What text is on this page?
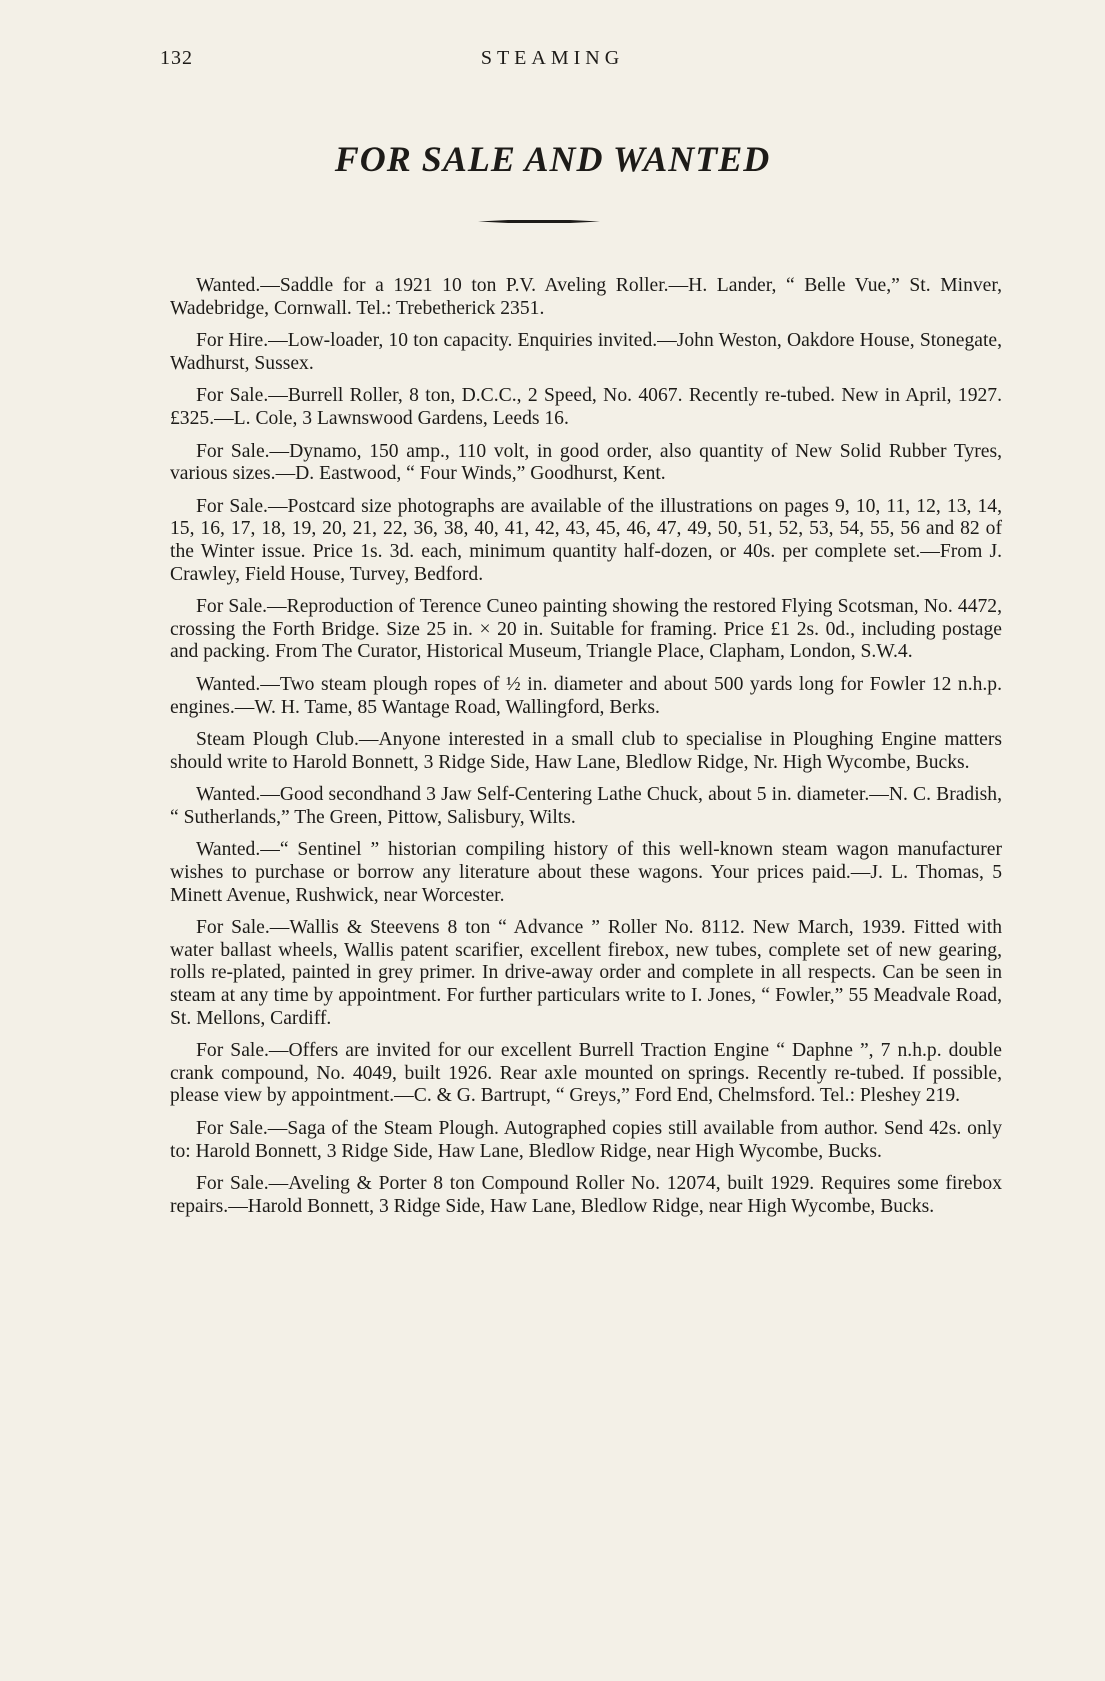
132	STEAMING
FOR SALE AND WANTED

Wanted.—Saddle for a 1921 10 ton P.V. Aveling Roller.—H. Lander, “ Belle Vue,” St. Minver, Wadebridge, Cornwall. Tel.: Trebetherick 2351.

For Hire.—Low-loader, 10 ton capacity. Enquiries invited.—John Weston, Oakdore House, Stonegate, Wadhurst, Sussex.

For Sale.—Burrell Roller, 8 ton, D.C.C., 2 Speed, No. 4067. Recently re-tubed. New in April, 1927. £325.—L. Cole, 3 Lawnswood Gardens, Leeds 16.

For Sale.—Dynamo, 150 amp., 110 volt, in good order, also quantity of New Solid Rubber Tyres, various sizes.—D. Eastwood, “ Four Winds,” Goodhurst, Kent.

For Sale.—Postcard size photographs are available of the illustrations on pages 9, 10, 11, 12, 13, 14, 15, 16, 17, 18, 19, 20, 21, 22, 36, 38, 40, 41, 42, 43, 45, 46, 47, 49, 50, 51, 52, 53, 54, 55, 56 and 82 of the Winter issue. Price 1s. 3d. each, minimum quantity half-dozen, or 40s. per complete set.—From J. Crawley, Field House, Turvey, Bedford.

For Sale.—Reproduction of Terence Cuneo painting showing the restored Flying Scotsman, No. 4472, crossing the Forth Bridge. Size 25 in. × 20 in. Suitable for framing. Price £1 2s. 0d., including postage and packing. From The Curator, Historical Museum, Triangle Place, Clapham, London, S.W.4.

Wanted.—Two steam plough ropes of ½ in. diameter and about 500 yards long for Fowler 12 n.h.p. engines.—W. H. Tame, 85 Wantage Road, Wallingford, Berks.

Steam Plough Club.—Anyone interested in a small club to specialise in Ploughing Engine matters should write to Harold Bonnett, 3 Ridge Side, Haw Lane, Bledlow Ridge, Nr. High Wycombe, Bucks.

Wanted.—Good secondhand 3 Jaw Self-Centering Lathe Chuck, about 5 in. diameter.—N. C. Bradish, “ Sutherlands,” The Green, Pittow, Salisbury, Wilts.

Wanted.—“ Sentinel ” historian compiling history of this well-known steam wagon manufacturer wishes to purchase or borrow any literature about these wagons. Your prices paid.—J. L. Thomas, 5 Minett Avenue, Rushwick, near Worcester.

For Sale.—Wallis & Steevens 8 ton “ Advance ” Roller No. 8112. New March, 1939. Fitted with water ballast wheels, Wallis patent scarifier, excellent firebox, new tubes, complete set of new gearing, rolls re-plated, painted in grey primer. In drive-away order and complete in all respects. Can be seen in steam at any time by appointment. For further particulars write to I. Jones, “ Fowler,” 55 Meadvale Road, St. Mellons, Cardiff.

For Sale.—Offers are invited for our excellent Burrell Traction Engine “ Daphne ”, 7 n.h.p. double crank compound, No. 4049, built 1926. Rear axle mounted on springs. Recently re-tubed. If possible, please view by appointment.—C. & G. Bartrupt, “ Greys,” Ford End, Chelmsford. Tel.: Pleshey 219.

For Sale.—Saga of the Steam Plough. Autographed copies still available from author. Send 42s. only to: Harold Bonnett, 3 Ridge Side, Haw Lane, Bledlow Ridge, near High Wycombe, Bucks.

For Sale.—Aveling & Porter 8 ton Compound Roller No. 12074, built 1929. Requires some firebox repairs.—Harold Bonnett, 3 Ridge Side, Haw Lane, Bledlow Ridge, near High Wycombe, Bucks.
